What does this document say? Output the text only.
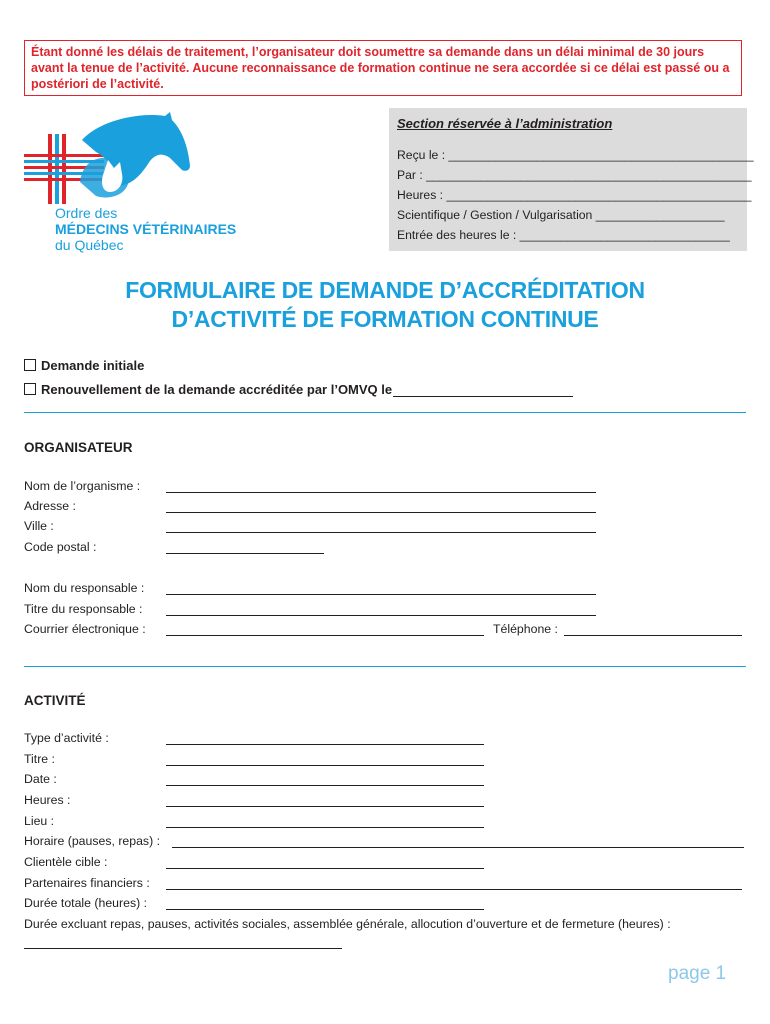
Étant donné les délais de traitement, l’organisateur doit soumettre sa demande dans un délai minimal de 30 jours avant la tenue de l’activité. Aucune reconnaissance de formation continue ne sera accordée si ce délai est passé ou a postériori de l’activité.
Ordre des
MÉDECINS VÉTÉRINAIRES
du Québec
Section réservée à l’administration
Reçu le : _____________________________________________
Par : ________________________________________________
Heures : _____________________________________________
Scientifique / Gestion / Vulgarisation ___________________
Entrée des heures le : _______________________________
FORMULAIRE DE DEMANDE D’ACCRÉDITATION
D’ACTIVITÉ DE FORMATION CONTINUE
Demande initiale
Renouvellement de la demande accréditée par l’OMVQ le
ORGANISATEUR
Nom de l’organisme :
Adresse :
Ville :
Code postal :
Nom du responsable :
Titre du responsable :
Courrier électronique :	Téléphone :
ACTIVITÉ
Type d’activité :
Titre :
Date :
Heures :
Lieu :
Horaire (pauses, repas) :
Clientèle cible :
Partenaires financiers :
Durée totale (heures) :
Durée excluant repas, pauses, activités sociales, assemblée générale, allocution d’ouverture et de fermeture (heures) :
page 1
